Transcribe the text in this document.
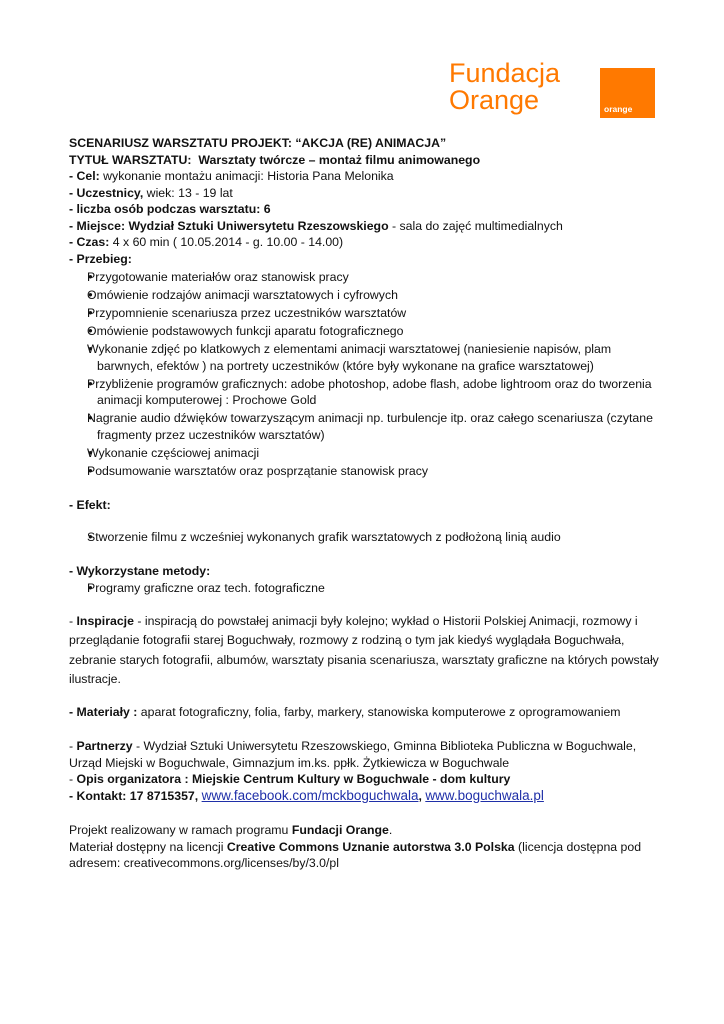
Fundacja
Orange	orange

SCENARIUSZ WARSZTATU PROJEKT: “AKCJA (RE) ANIMACJA”

TYTUŁ WARSZTATU: Warsztaty twórcze – montaż filmu animowanego

- Cel: wykonanie montażu animacji: Historia Pana Melonika

- Uczestnicy, wiek: 13 - 19 lat

- liczba osób podczas warsztatu: 6

- Miejsce: Wydział Sztuki Uniwersytetu Rzeszowskiego - sala do zajęć multimedialnych

- Czas: 4 x 60 min ( 10.05.2014 - g. 10.00 - 14.00)

- Przebieg:

● Przygotowanie materiałów oraz stanowisk pracy
● Omówienie rodzajów animacji warsztatowych i cyfrowych
● Przypomnienie scenariusza przez uczestników warsztatów
● Omówienie podstawowych funkcji aparatu fotograficznego
● Wykonanie zdjęć po klatkowych z elementami animacji warsztatowej (naniesienie napisów, plam barwnych, efektów ) na portrety uczestników (które były wykonane na grafice warsztatowej)
● Przybliżenie programów graficznych: adobe photoshop, adobe flash, adobe lightroom oraz do tworzenia animacji komputerowej : Prochowe Gold
● Nagranie audio dźwięków towarzyszącym animacji np. turbulencje itp. oraz całego scenariusza (czytane fragmenty przez uczestników warsztatów)
● Wykonanie częściowej animacji
● Podsumowanie warsztatów oraz posprzątanie stanowisk pracy

- Efekt:

● Stworzenie filmu z wcześniej wykonanych grafik warsztatowych z podłożoną linią audio

- Wykorzystane metody:

● Programy graficzne oraz tech. fotograficzne

- Inspiracje - inspiracją do powstałej animacji były kolejno; wykład o Historii Polskiej Animacji, rozmowy i przeglądanie fotografii starej Boguchwały, rozmowy z rodziną o tym jak kiedyś wyglądała Boguchwała, zebranie starych fotografii, albumów, warsztaty pisania scenariusza, warsztaty graficzne na których powstały ilustracje.

- Materiały : aparat fotograficzny, folia, farby, markery, stanowiska komputerowe z oprogramowaniem

- Partnerzy - Wydział Sztuki Uniwersytetu Rzeszowskiego, Gminna Biblioteka Publiczna w Boguchwale, Urząd Miejski w Boguchwale, Gimnazjum im.ks. ppłk. Żytkiewicza w Boguchwale

- Opis organizatora : Miejskie Centrum Kultury w Boguchwale - dom kultury

- Kontakt: 17 8715357, www.facebook.com/mckboguchwala, www.boguchwala.pl

Projekt realizowany w ramach programu Fundacji Orange.

Materiał dostępny na licencji Creative Commons Uznanie autorstwa 3.0 Polska (licencja dostępna pod adresem: creativecommons.org/licenses/by/3.0/pl
